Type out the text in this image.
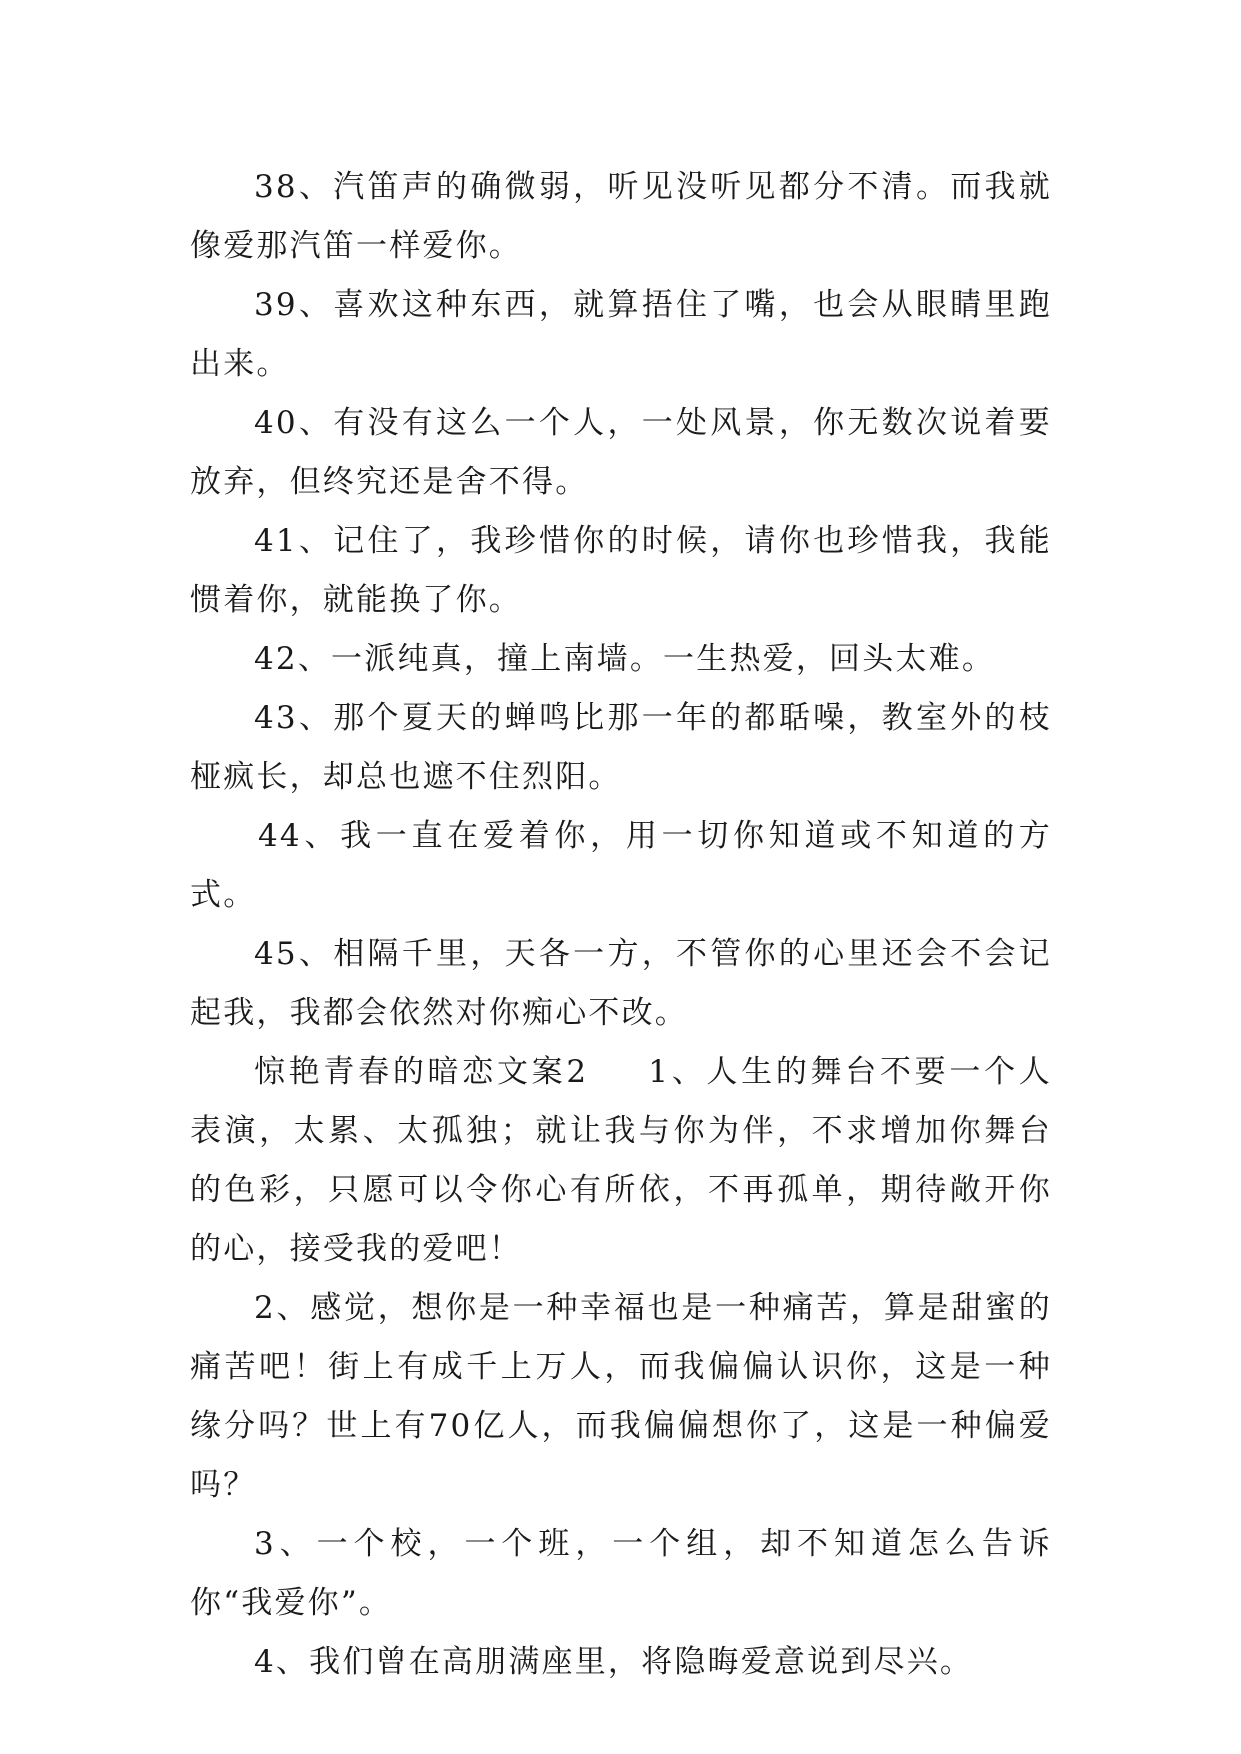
38、汽笛声的确微弱，听见没听见都分不清。而我就像爱那汽笛一样爱你。

39、喜欢这种东西，就算捂住了嘴，也会从眼睛里跑出来。

40、有没有这么一个人，一处风景，你无数次说着要放弃，但终究还是舍不得。

41、记住了，我珍惜你的时候，请你也珍惜我，我能惯着你，就能换了你。

42、一派纯真，撞上南墙。一生热爱，回头太难。

43、那个夏天的蝉鸣比那一年的都聒噪，教室外的枝桠疯长，却总也遮不住烈阳。

44、我一直在爱着你，用一切你知道或不知道的方式。

45、相隔千里，天各一方，不管你的心里还会不会记起我，我都会依然对你痴心不改。

惊艳青春的暗恋文案2 1、人生的舞台不要一个人表演，太累、太孤独；就让我与你为伴，不求增加你舞台的色彩，只愿可以令你心有所依，不再孤单，期待敞开你的心，接受我的爱吧！

2、感觉，想你是一种幸福也是一种痛苦，算是甜蜜的痛苦吧！街上有成千上万人，而我偏偏认识你，这是一种缘分吗？世上有70亿人，而我偏偏想你了，这是一种偏爱吗？

3、一个校，一个班，一个组，却不知道怎么告诉你“我爱你”。

4、我们曾在高朋满座里，将隐晦爱意说到尽兴。
